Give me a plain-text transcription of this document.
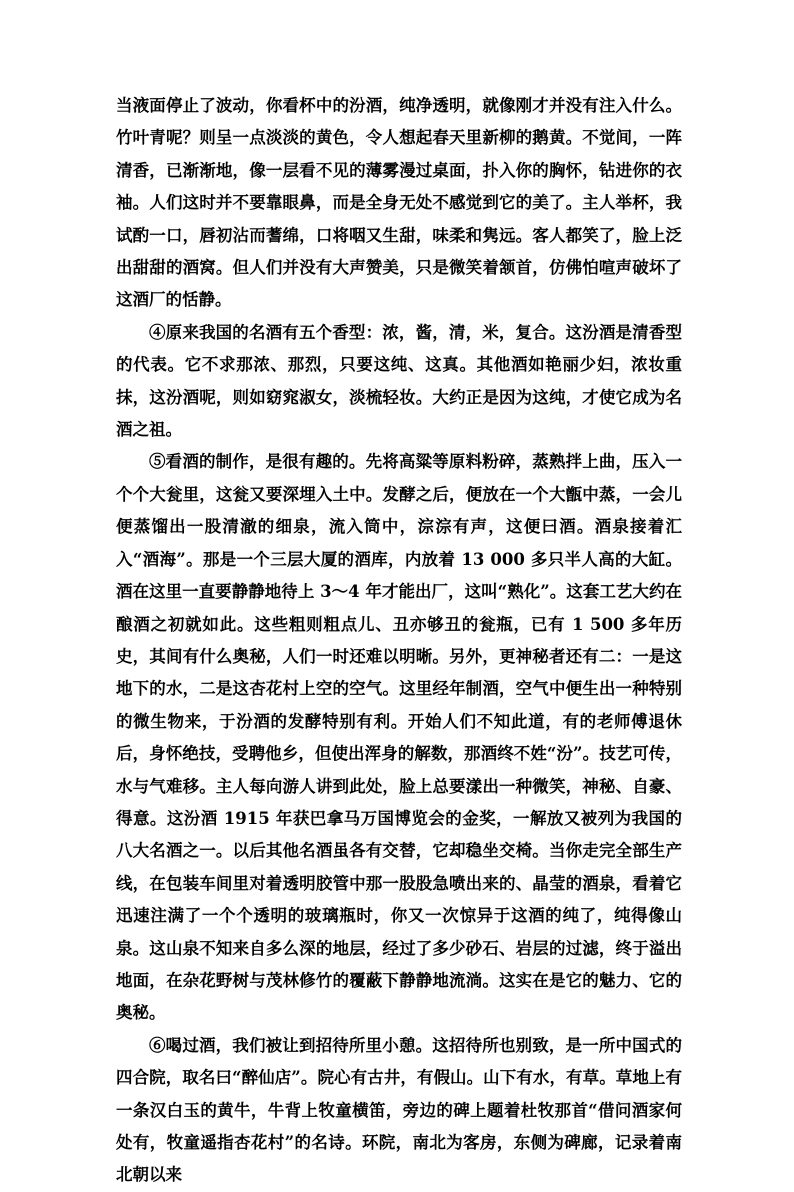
当液面停止了波动，你看杯中的汾酒，纯净透明，就像刚才并没有注入什么。竹叶青呢？则呈一点淡淡的黄色，令人想起春天里新柳的鹅黄。不觉间，一阵清香，已渐渐地，像一层看不见的薄雾漫过桌面，扑入你的胸怀，钻进你的衣袖。人们这时并不要靠眼鼻，而是全身无处不感觉到它的美了。主人举杯，我试酌一口，唇初沾而蓍绵，口将咽又生甜，味柔和隽远。客人都笑了，脸上泛出甜甜的酒窝。但人们并没有大声赞美，只是微笑着颔首，仿佛怕喧声破坏了这酒厂的恬静。

④原来我国的名酒有五个香型：浓，酱，清，米，复合。这汾酒是清香型的代表。它不求那浓、那烈，只要这纯、这真。其他酒如艳丽少妇，浓妆重抹，这汾酒呢，则如窈窕淑女，淡梳轻妆。大约正是因为这纯，才使它成为名酒之祖。

⑤看酒的制作，是很有趣的。先将高粱等原料粉碎，蒸熟拌上曲，压入一个个大瓮里，这瓮又要深埋入土中。发酵之后，便放在一个大甑中蒸，一会儿便蒸馏出一股清澈的细泉，流入筒中，淙淙有声，这便曰酒。酒泉接着汇入“酒海”。那是一个三层大厦的酒库，内放着 13 000 多只半人高的大缸。酒在这里一直要静静地待上 3～4 年才能出厂，这叫“熟化”。这套工艺大约在酿酒之初就如此。这些粗则粗点儿、丑亦够丑的瓮瓶，已有 1 500 多年历史，其间有什么奥秘，人们一时还难以明晰。另外，更神秘者还有二：一是这地下的水，二是这杏花村上空的空气。这里经年制酒，空气中便生出一种特别的微生物来，于汾酒的发酵特别有利。开始人们不知此道，有的老师傅退休后，身怀绝技，受聘他乡，但使出浑身的解数，那酒终不姓“汾”。技艺可传，水与气难移。主人每向游人讲到此处，脸上总要漾出一种微笑，神秘、自豪、得意。这汾酒 1915 年获巴拿马万国博览会的金奖，一解放又被列为我国的八大名酒之一。以后其他名酒虽各有交替，它却稳坐交椅。当你走完全部生产线，在包装车间里对着透明胶管中那一股股急喷出来的、晶莹的酒泉，看着它迅速注满了一个个透明的玻璃瓶时，你又一次惊异于这酒的纯了，纯得像山泉。这山泉不知来自多么深的地层，经过了多少砂石、岩层的过滤，终于溢出地面，在杂花野树与茂林修竹的覆蔽下静静地流淌。这实在是它的魅力、它的奥秘。

⑥喝过酒，我们被让到招待所里小憩。这招待所也别致，是一所中国式的四合院，取名曰“醉仙店”。院心有古井，有假山。山下有水，有草。草地上有一条汉白玉的黄牛，牛背上牧童横笛，旁边的碑上题着杜牧那首“借问酒家何处有，牧童遥指杏花村”的名诗。环院，南北为客房，东侧为碑廊，记录着南北朝以来
